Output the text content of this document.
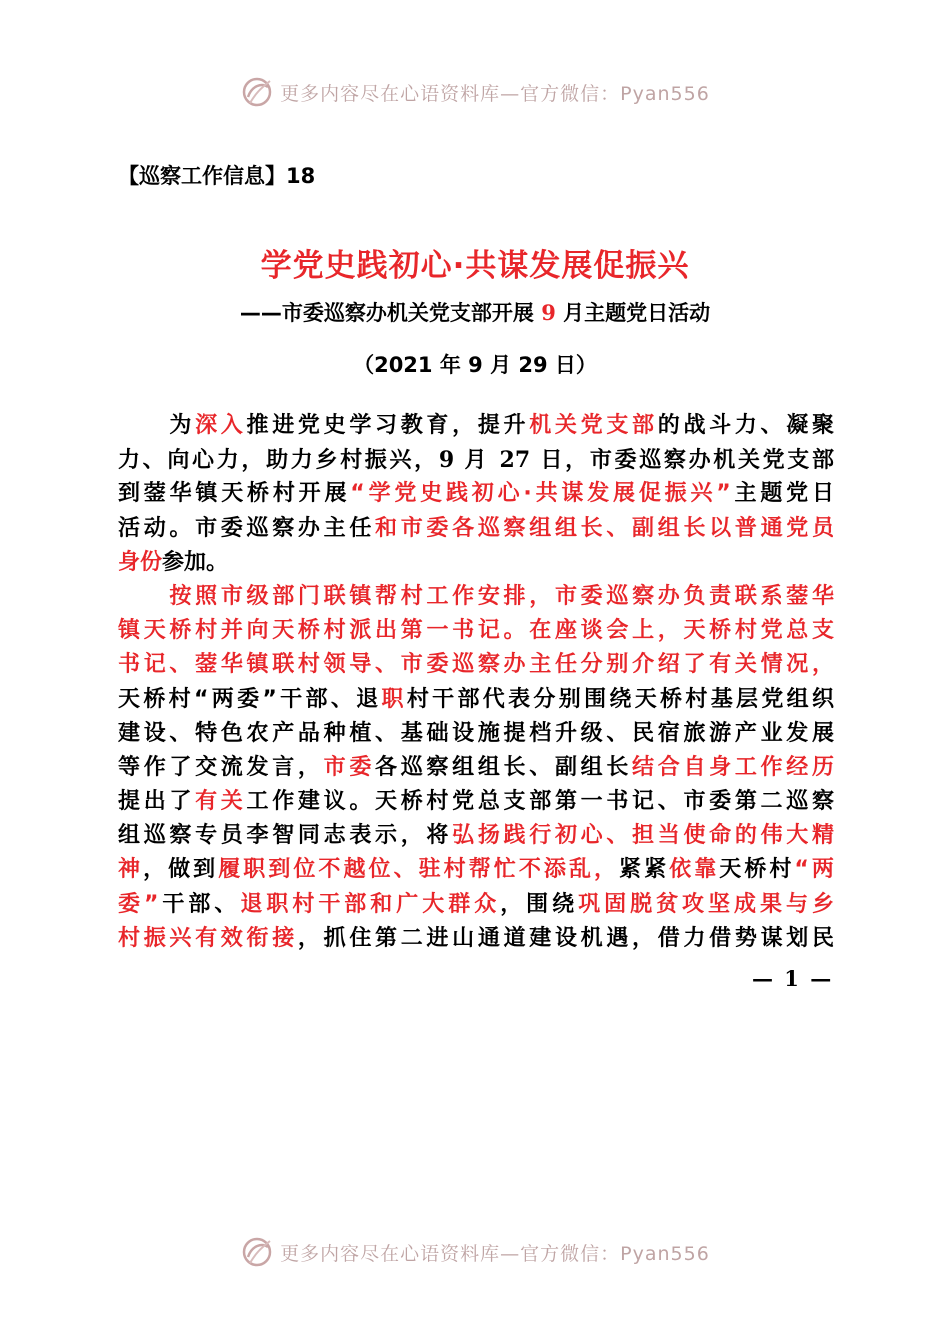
更多内容尽在心语资料库—官方微信：Pyan556
【巡察工作信息】18
学党史践初心·共谋发展促振兴
——市委巡察办机关党支部开展 9 月主题党日活动
（2021 年 9 月 29 日）
　　为深入推进党史学习教育，提升机关党支部的战斗力、凝聚
力、向心力，助力乡村振兴，9 月 27 日，市委巡察办机关党支部
到蓥华镇天桥村开展“学党史践初心·共谋发展促振兴”主题党日
活动。市委巡察办主任和市委各巡察组组长、副组长以普通党员
身份参加。
　　按照市级部门联镇帮村工作安排，市委巡察办负责联系蓥华
镇天桥村并向天桥村派出第一书记。在座谈会上，天桥村党总支
书记、蓥华镇联村领导、市委巡察办主任分别介绍了有关情况，
天桥村“两委”干部、退职村干部代表分别围绕天桥村基层党组织
建设、特色农产品种植、基础设施提档升级、民宿旅游产业发展
等作了交流发言，市委各巡察组组长、副组长结合自身工作经历
提出了有关工作建议。天桥村党总支部第一书记、市委第二巡察
组巡察专员李智同志表示，将弘扬践行初心、担当使命的伟大精
神，做到履职到位不越位、驻村帮忙不添乱，紧紧依靠天桥村“两
委”干部、退职村干部和广大群众，围绕巩固脱贫攻坚成果与乡
村振兴有效衔接，抓住第二进山通道建设机遇，借力借势谋划民
— 1 —
更多内容尽在心语资料库—官方微信：Pyan556
